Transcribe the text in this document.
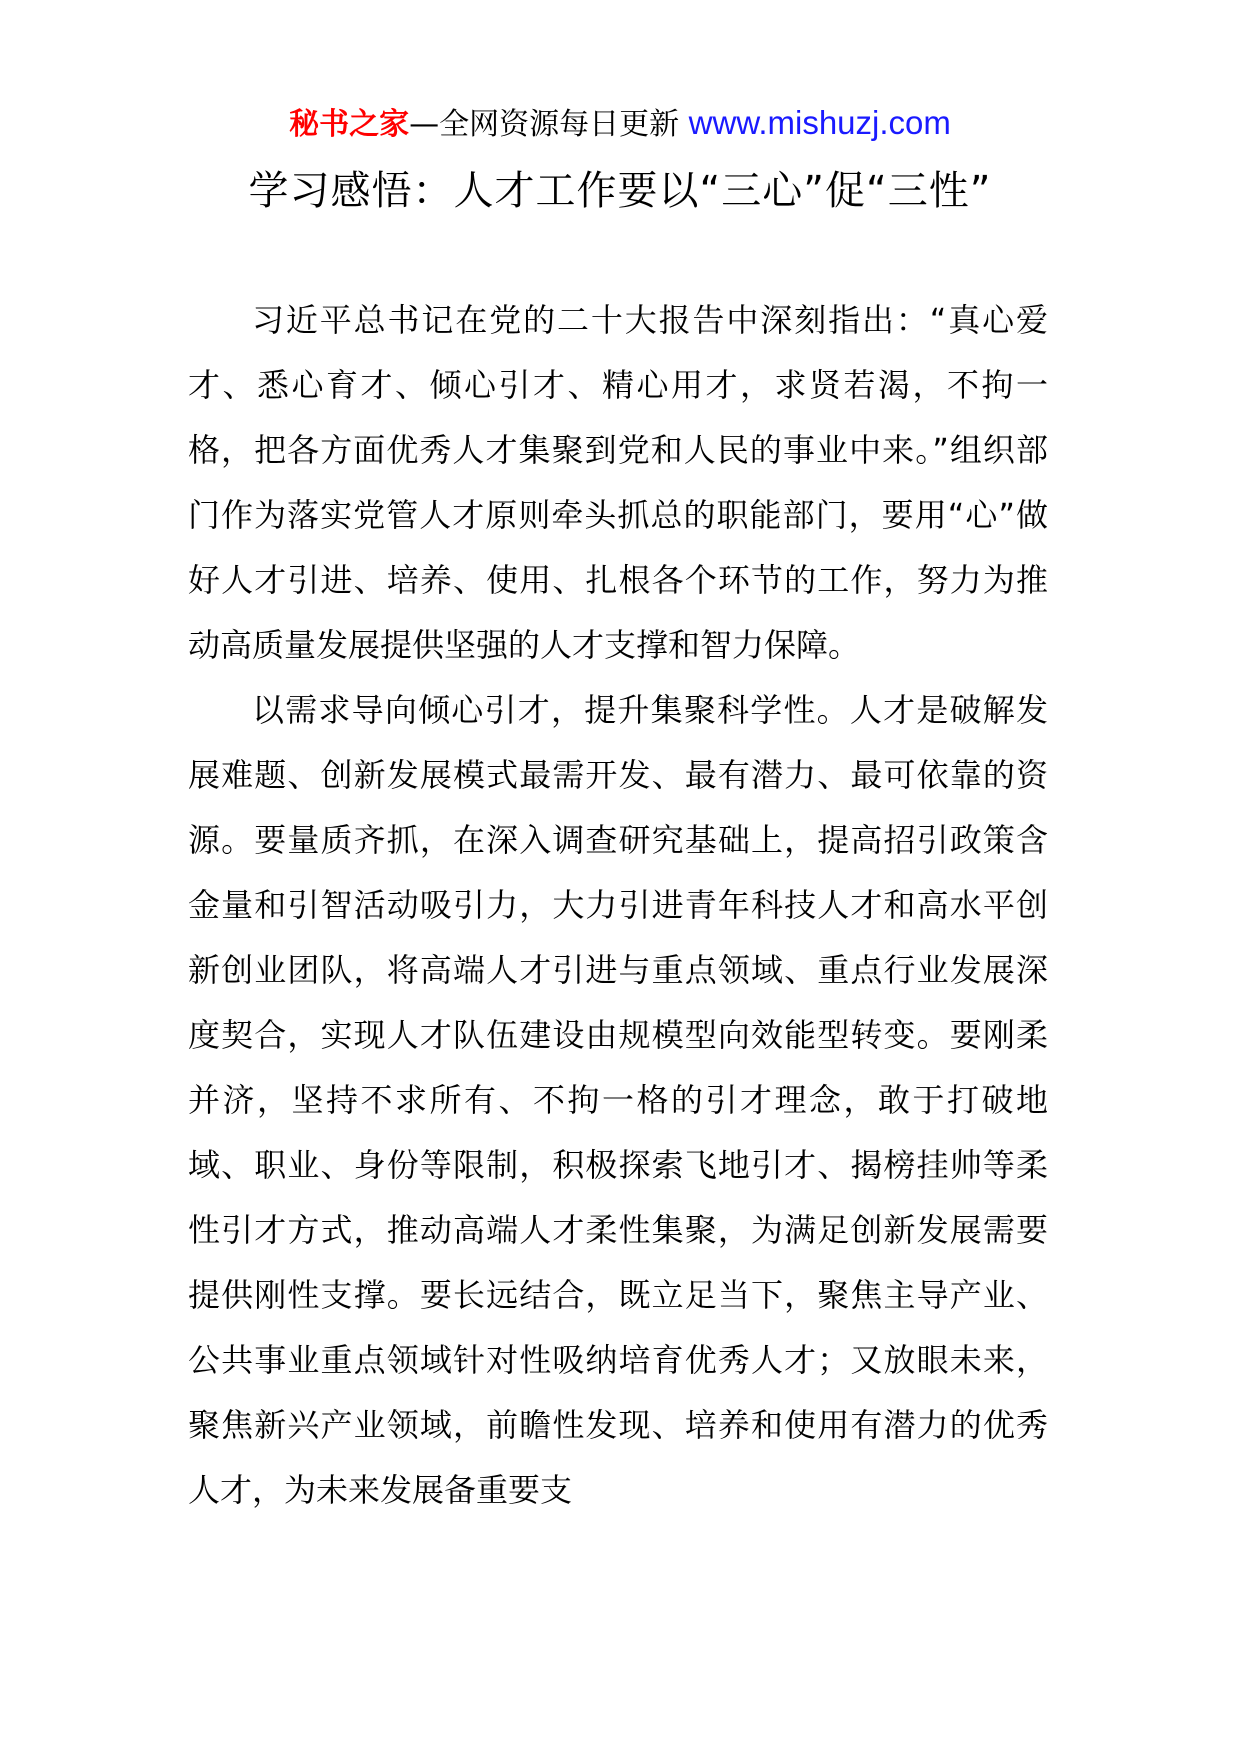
秘书之家—全网资源每日更新 www.mishuzj.com
学习感悟：人才工作要以“三心”促“三性”

习近平总书记在党的二十大报告中深刻指出：“真心爱才、悉心育才、倾心引才、精心用才，求贤若渴，不拘一格，把各方面优秀人才集聚到党和人民的事业中来。”组织部门作为落实党管人才原则牵头抓总的职能部门，要用“心”做好人才引进、培养、使用、扎根各个环节的工作，努力为推动高质量发展提供坚强的人才支撑和智力保障。

以需求导向倾心引才，提升集聚科学性。人才是破解发展难题、创新发展模式最需开发、最有潜力、最可依靠的资源。要量质齐抓，在深入调查研究基础上，提高招引政策含金量和引智活动吸引力，大力引进青年科技人才和高水平创新创业团队，将高端人才引进与重点领域、重点行业发展深度契合，实现人才队伍建设由规模型向效能型转变。要刚柔并济，坚持不求所有、不拘一格的引才理念，敢于打破地域、职业、身份等限制，积极探索飞地引才、揭榜挂帅等柔性引才方式，推动高端人才柔性集聚，为满足创新发展需要提供刚性支撑。要长远结合，既立足当下，聚焦主导产业、公共事业重点领域针对性吸纳培育优秀人才；又放眼未来，聚焦新兴产业领域，前瞻性发现、培养和使用有潜力的优秀人才，为未来发展备重要支
